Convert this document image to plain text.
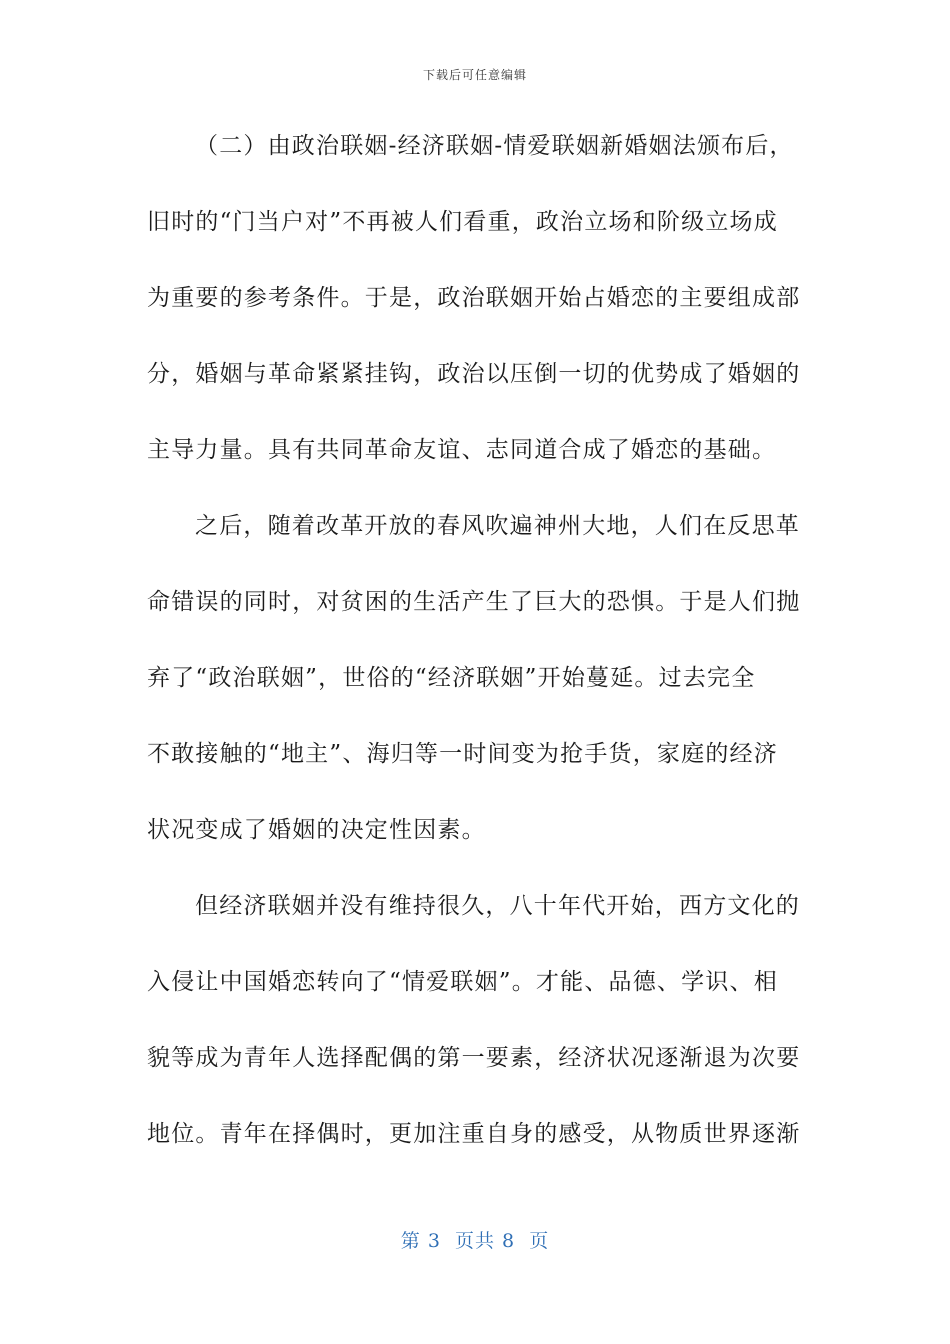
下载后可任意编辑
（二）由政治联姻-经济联姻-情爱联姻新婚姻法颁布后，
旧时的“门当户对”不再被人们看重，政治立场和阶级立场成
为重要的参考条件。于是，政治联姻开始占婚恋的主要组成部
分，婚姻与革命紧紧挂钩，政治以压倒一切的优势成了婚姻的
主导力量。具有共同革命友谊、志同道合成了婚恋的基础。
之后，随着改革开放的春风吹遍神州大地，人们在反思革
命错误的同时，对贫困的生活产生了巨大的恐惧。于是人们抛
弃了“政治联姻”，世俗的“经济联姻”开始蔓延。过去完全
不敢接触的“地主”、海归等一时间变为抢手货，家庭的经济
状况变成了婚姻的决定性因素。
但经济联姻并没有维持很久，八十年代开始，西方文化的
入侵让中国婚恋转向了“情爱联姻”。才能、品德、学识、相
貌等成为青年人选择配偶的第一要素，经济状况逐渐退为次要
地位。青年在择偶时，更加注重自身的感受，从物质世界逐渐
第 3  页共 8  页
